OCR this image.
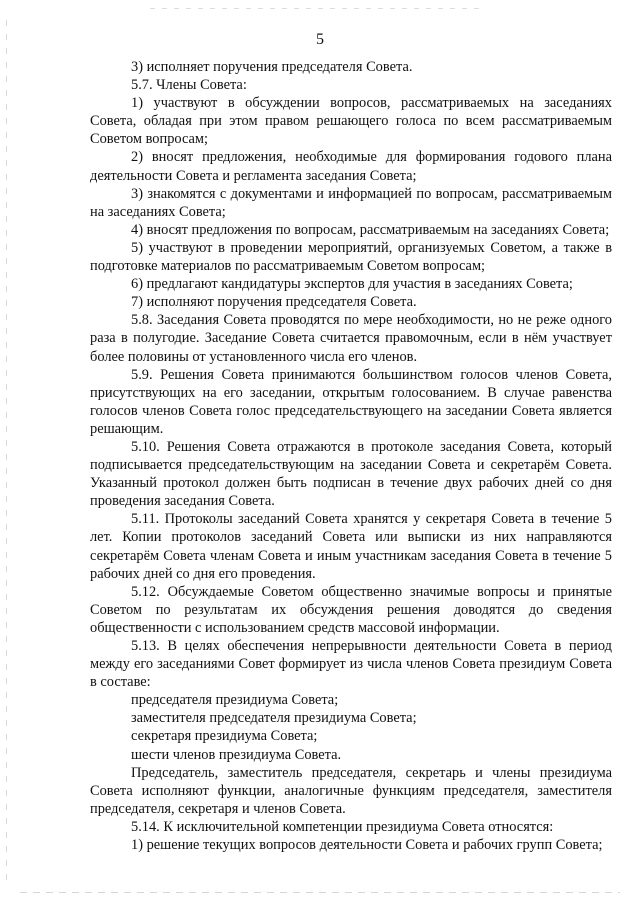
5

3) исполняет поручения председателя Совета.

5.7. Члены Совета:

1) участвуют в обсуждении вопросов, рассматриваемых на заседаниях Совета, обладая при этом правом решающего голоса по всем рассматриваемым Советом вопросам;

2) вносят предложения, необходимые для формирования годового плана деятельности Совета и регламента заседания Совета;

3) знакомятся с документами и информацией по вопросам, рассматриваемым на заседаниях Совета;

4) вносят предложения по вопросам, рассматриваемым на заседаниях Совета;

5) участвуют в проведении мероприятий, организуемых Советом, а также в подготовке материалов по рассматриваемым Советом вопросам;

6) предлагают кандидатуры экспертов для участия в заседаниях Совета;

7) исполняют поручения председателя Совета.

5.8. Заседания Совета проводятся по мере необходимости, но не реже одного раза в полугодие. Заседание Совета считается правомочным, если в нём участвует более половины от установленного числа его членов.

5.9. Решения Совета принимаются большинством голосов членов Совета, присутствующих на его заседании, открытым голосованием. В случае равенства голосов членов Совета голос председательствующего на заседании Совета является решающим.

5.10. Решения Совета отражаются в протоколе заседания Совета, который подписывается председательствующим на заседании Совета и секретарём Совета. Указанный протокол должен быть подписан в течение двух рабочих дней со дня проведения заседания Совета.

5.11. Протоколы заседаний Совета хранятся у секретаря Совета в течение 5 лет. Копии протоколов заседаний Совета или выписки из них направляются секретарём Совета членам Совета и иным участникам заседания Совета в течение 5 рабочих дней со дня его проведения.

5.12. Обсуждаемые Советом общественно значимые вопросы и принятые Советом по результатам их обсуждения решения доводятся до сведения общественности с использованием средств массовой информации.

5.13. В целях обеспечения непрерывности деятельности Совета в период между его заседаниями Совет формирует из числа членов Совета президиум Совета в составе:

председателя президиума Совета;

заместителя председателя президиума Совета;

секретаря президиума Совета;

шести членов президиума Совета.

Председатель, заместитель председателя, секретарь и члены президиума Совета исполняют функции, аналогичные функциям председателя, заместителя председателя, секретаря и членов Совета.

5.14. К исключительной компетенции президиума Совета относятся:

1) решение текущих вопросов деятельности Совета и рабочих групп Совета;
